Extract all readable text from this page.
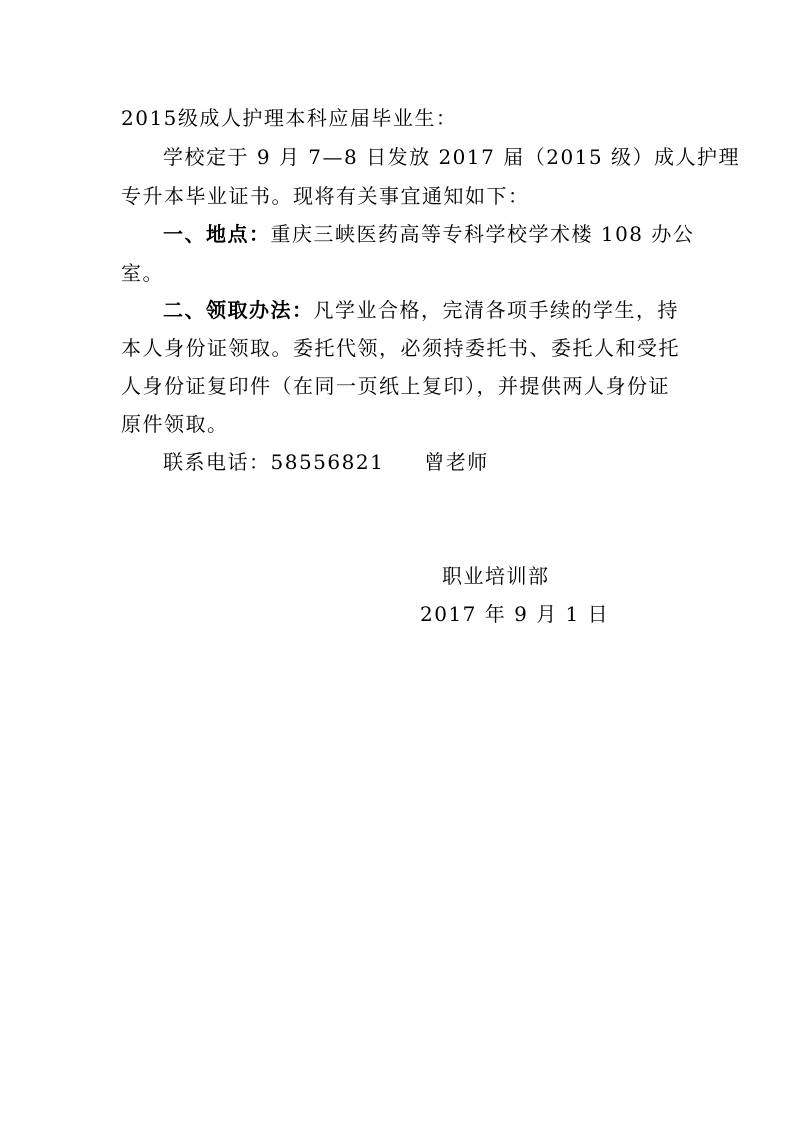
2015级成人护理本科应届毕业生：
学校定于 9 月 7—8 日发放 2017 届（2015 级）成人护理
专升本毕业证书。现将有关事宜通知如下：
一、地点：重庆三峡医药高等专科学校学术楼 108 办公
室。
二、领取办法：凡学业合格，完清各项手续的学生，持
本人身份证领取。委托代领，必须持委托书、委托人和受托
人身份证复印件（在同一页纸上复印），并提供两人身份证
原件领取。
联系电话：58556821 曾老师
职业培训部
2017 年 9 月 1 日
